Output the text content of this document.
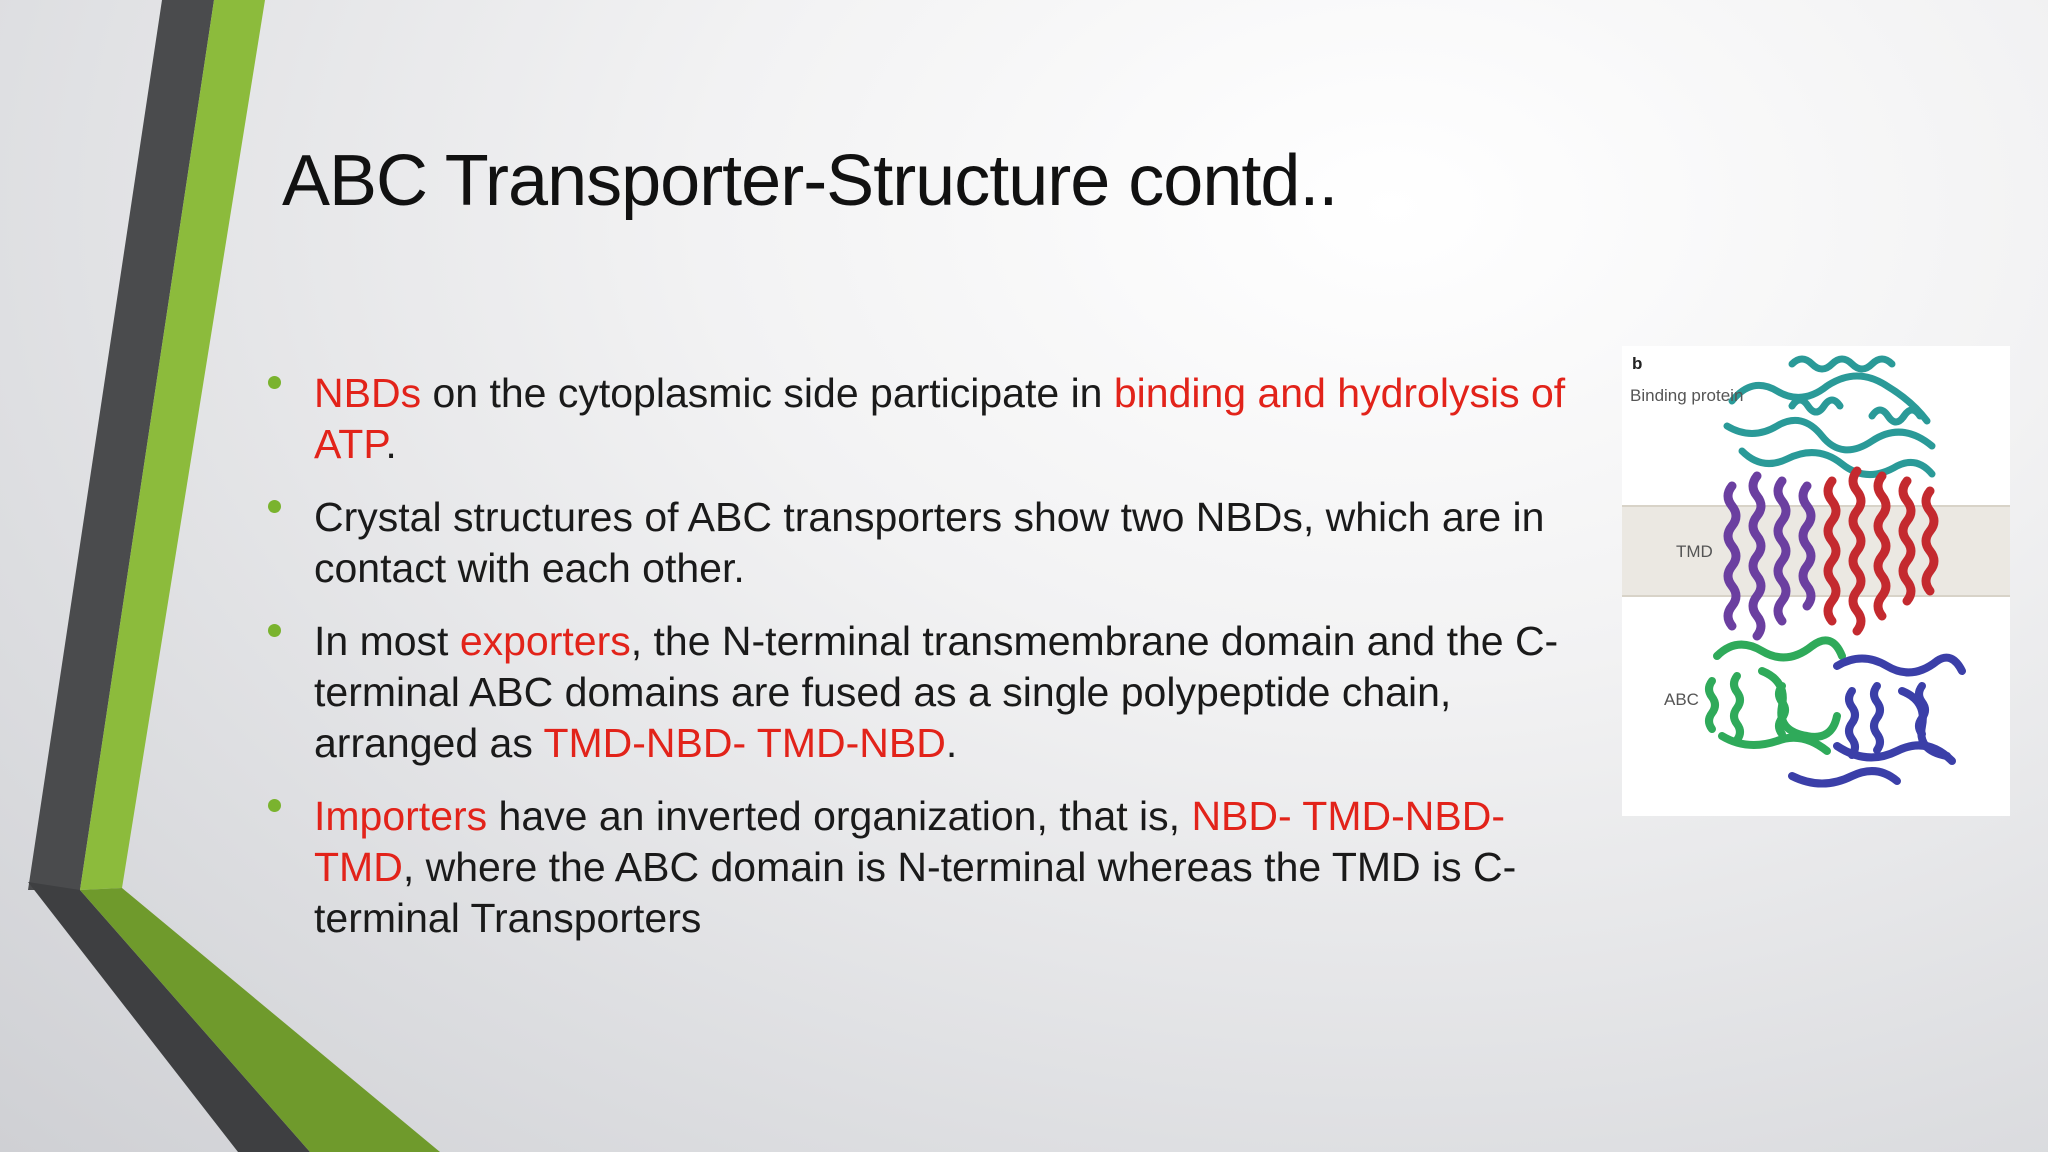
ABC Transporter-Structure contd..
NBDs on the cytoplasmic side participate in binding and hydrolysis of ATP.
Crystal structures of ABC transporters show two NBDs, which are in contact with each other.
In most exporters, the N-terminal transmembrane domain and the C-terminal ABC domains are fused as a single polypeptide chain, arranged as TMD-NBD- TMD-NBD.
Importers have an inverted organization, that is, NBD- TMD-NBD-TMD, where the ABC domain is N-terminal whereas the TMD is C-terminal Transporters
b
Binding protein
TMD
ABC
